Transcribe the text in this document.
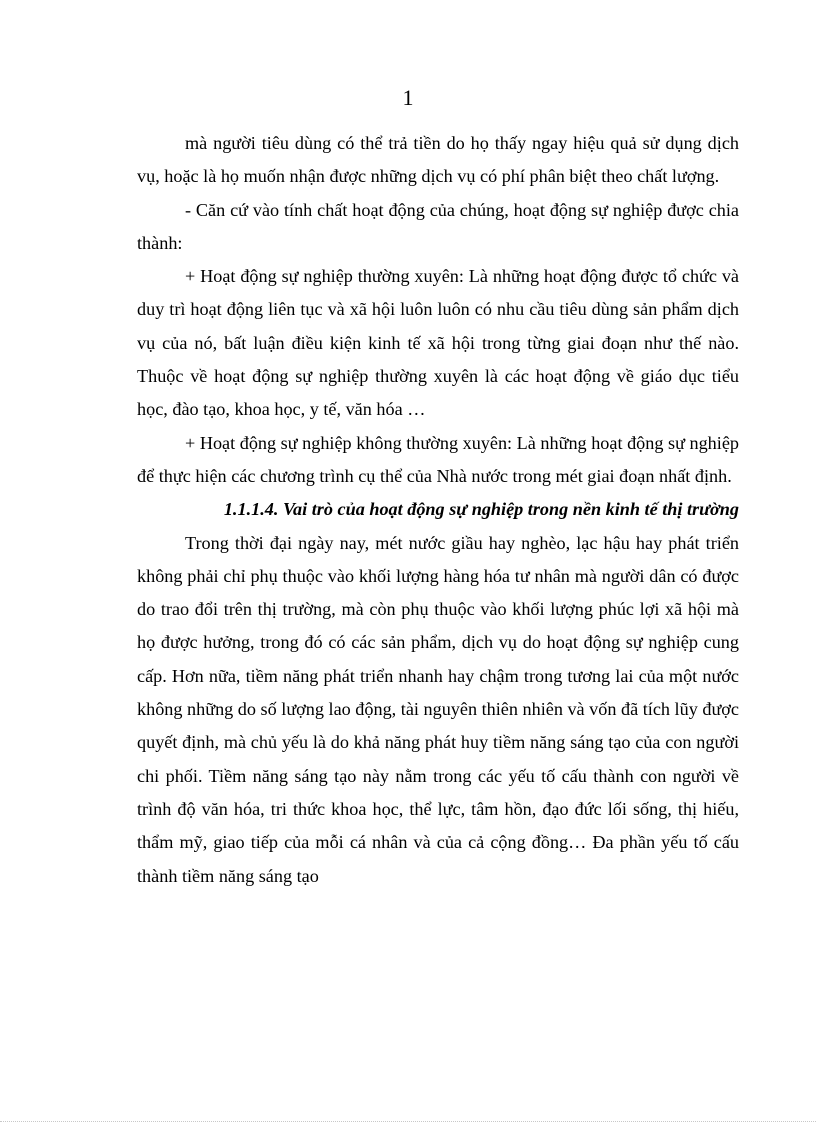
1

mà người tiêu dùng có thể trả tiền do họ thấy ngay hiệu quả sử dụng dịch vụ, hoặc là họ muốn nhận được những dịch vụ có phí phân biệt theo chất lượng.

- Căn cứ vào tính chất hoạt động của chúng, hoạt động sự nghiệp được chia thành:

+ Hoạt động sự nghiệp thường xuyên: Là những hoạt động được tổ chức và duy trì hoạt động liên tục và xã hội luôn luôn có nhu cầu tiêu dùng sản phẩm dịch vụ của nó, bất luận điều kiện kinh tế xã hội trong từng giai đoạn như thế nào. Thuộc về hoạt động sự nghiệp thường xuyên là các hoạt động về giáo dục tiểu học, đào tạo, khoa học, y tế, văn hóa …

+ Hoạt động sự nghiệp không thường xuyên: Là những hoạt động sự nghiệp để thực hiện các chương trình cụ thể của Nhà nước trong mét giai đoạn nhất định.

1.1.1.4. Vai trò của hoạt động sự nghiệp trong nền kinh tế thị trường

Trong thời đại ngày nay, mét nước giầu hay nghèo, lạc hậu hay phát triển không phải chỉ phụ thuộc vào khối lượng hàng hóa tư nhân mà người dân có được do trao đổi trên thị trường, mà còn phụ thuộc vào khối lượng phúc lợi xã hội mà họ được hưởng, trong đó có các sản phẩm, dịch vụ do hoạt động sự nghiệp cung cấp. Hơn nữa, tiềm năng phát triển nhanh hay chậm trong tương lai của một nước không những do số lượng lao động, tài nguyên thiên nhiên và vốn đã tích lũy được quyết định, mà chủ yếu là do khả năng phát huy tiềm năng sáng tạo của con người chi phối. Tiềm năng sáng tạo này nằm trong các yếu tố cấu thành con người về trình độ văn hóa, tri thức khoa học, thể lực, tâm hồn, đạo đức lối sống, thị hiếu, thẩm mỹ, giao tiếp của mỗi cá nhân và của cả cộng đồng… Đa phần yếu tố cấu thành tiềm năng sáng tạo
